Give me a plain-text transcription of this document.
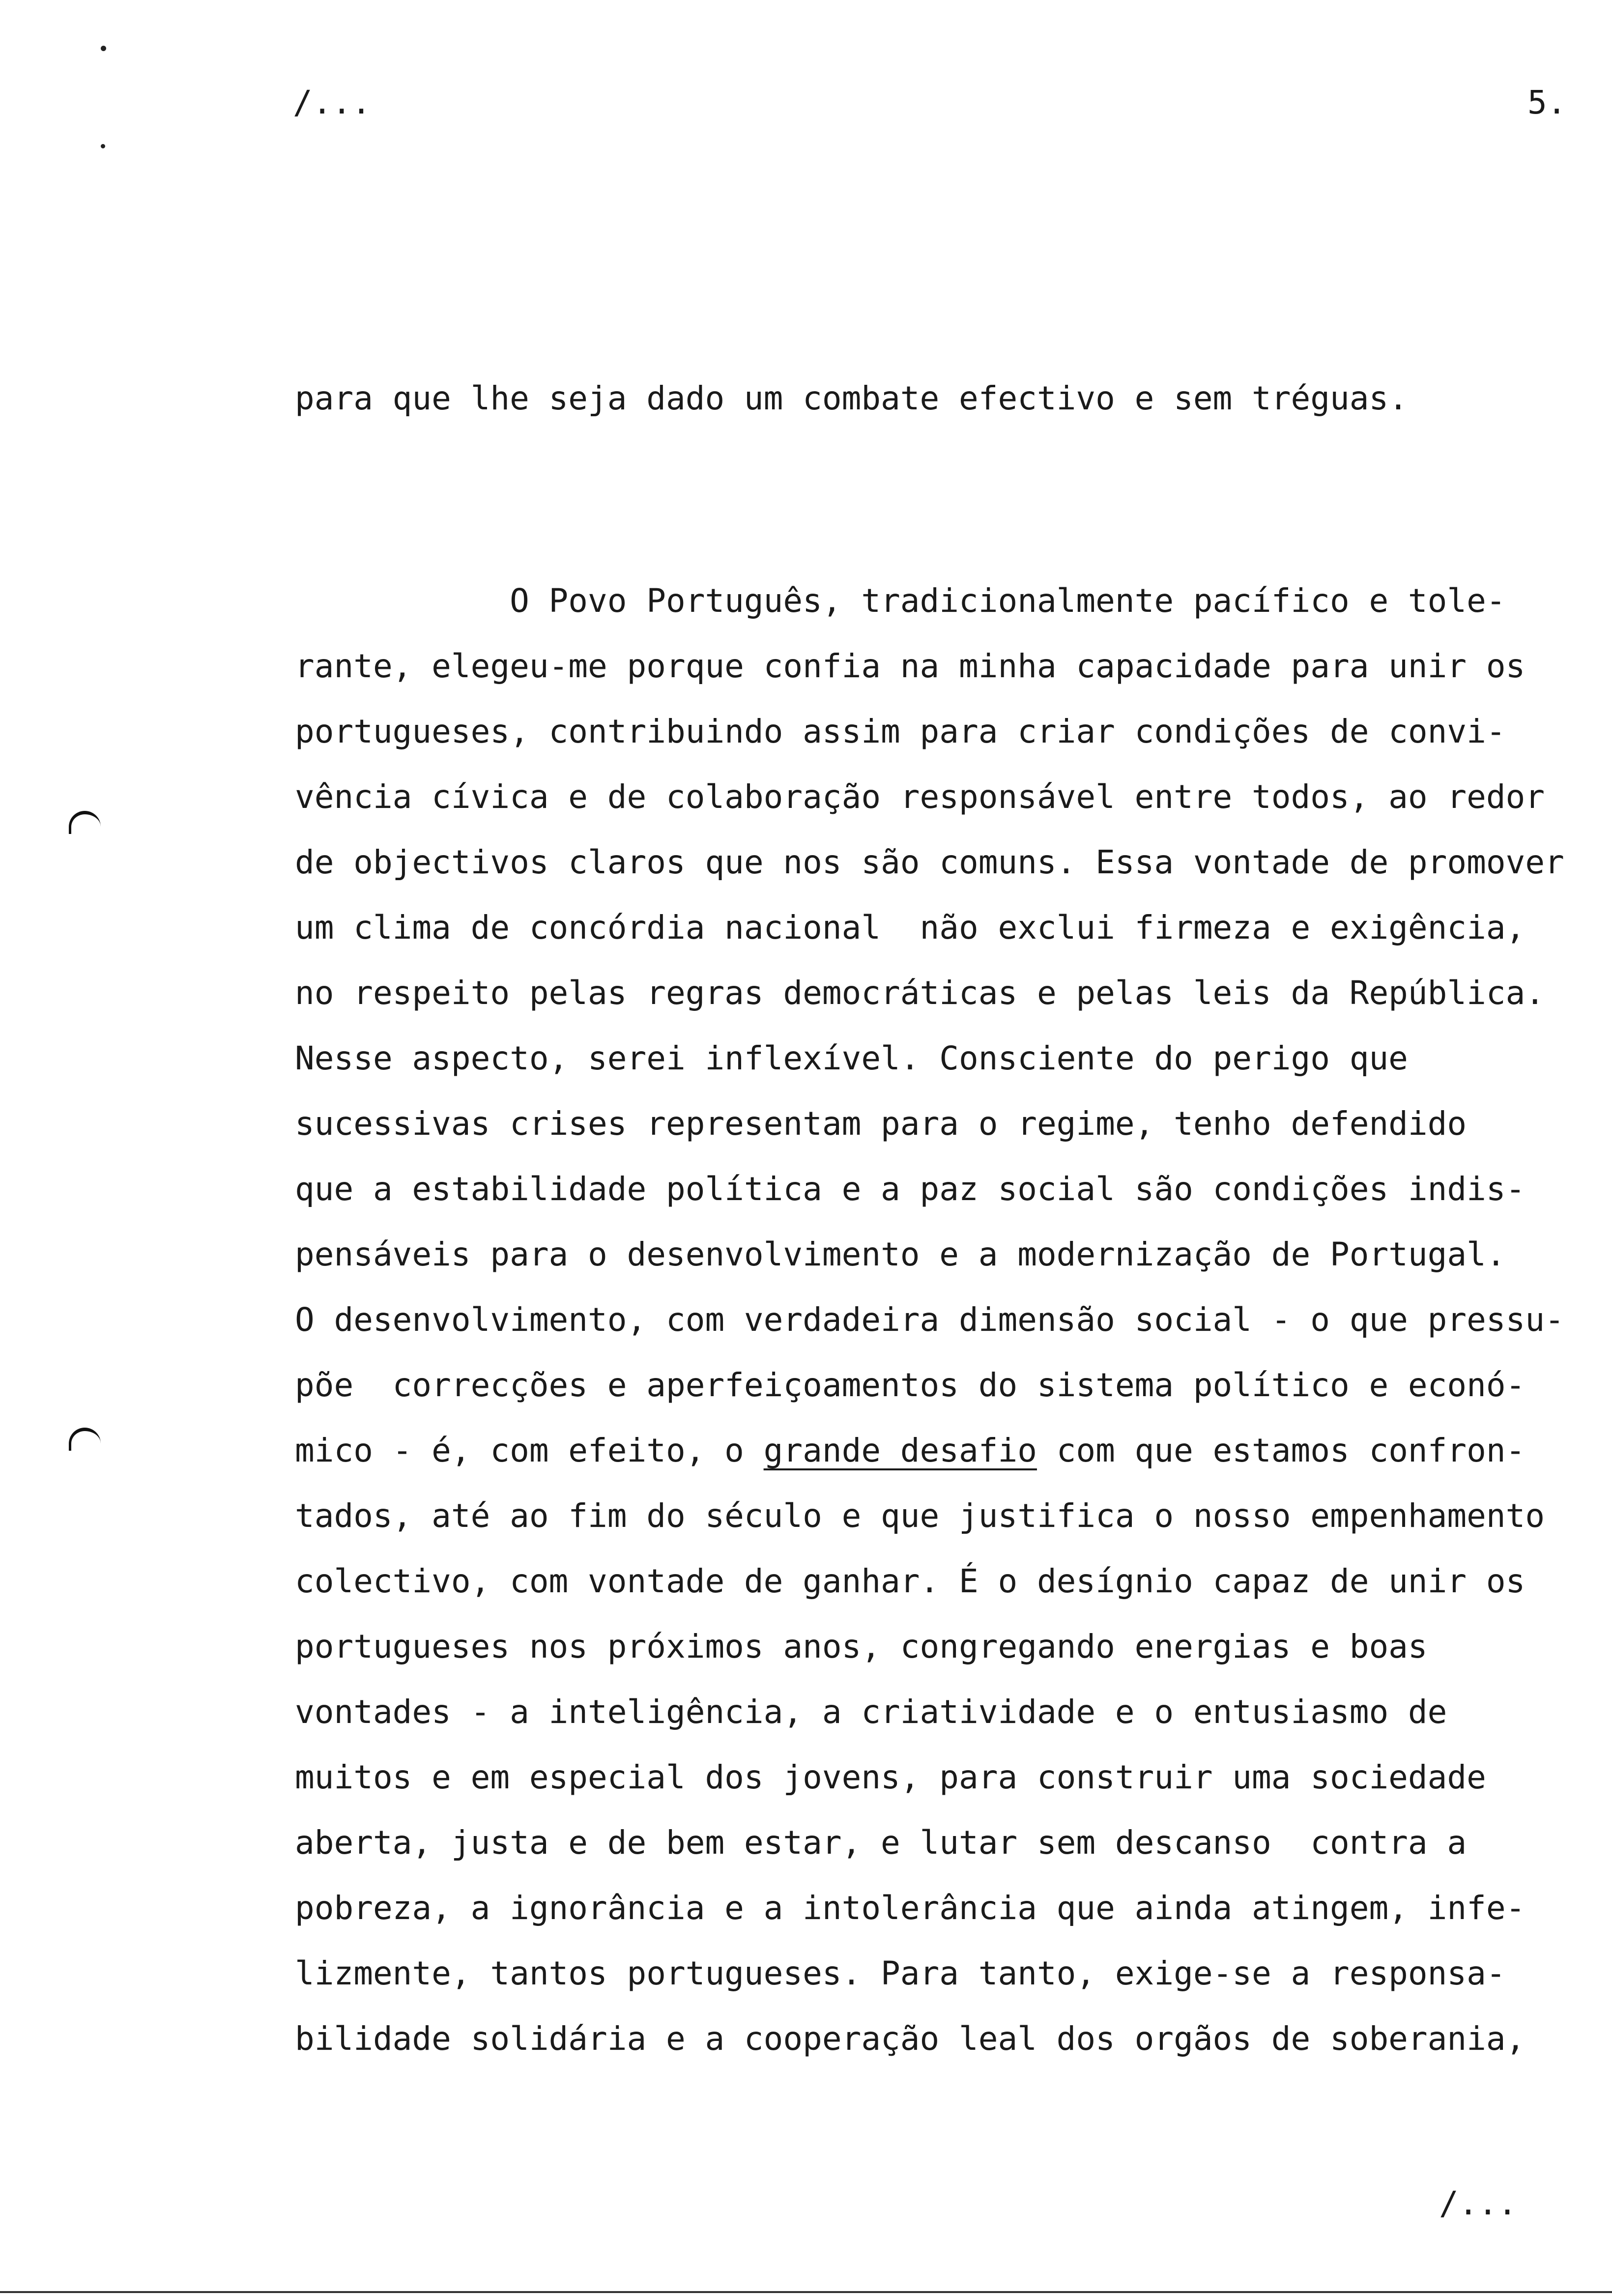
/...	5.
para que lhe seja dado um combate efectivo e sem tréguas.
O Povo Português, tradicionalmente pacífico e tole-
rante, elegeu-me porque confia na minha capacidade para unir os
portugueses, contribuindo assim para criar condições de convi-
vência cívica e de colaboração responsável entre todos, ao redor
de objectivos claros que nos são comuns. Essa vontade de promover
um clima de concórdia nacional  não exclui firmeza e exigência,
no respeito pelas regras democráticas e pelas leis da República.
Nesse aspecto, serei inflexível. Consciente do perigo que
sucessivas crises representam para o regime, tenho defendido
que a estabilidade política e a paz social são condições indis-
pensáveis para o desenvolvimento e a modernização de Portugal.
O desenvolvimento, com verdadeira dimensão social - o que pressu-
põe  correcções e aperfeiçoamentos do sistema político e econó-
mico - é, com efeito, o grande desafio com que estamos confron-
tados, até ao fim do século e que justifica o nosso empenhamento
colectivo, com vontade de ganhar. É o desígnio capaz de unir os
portugueses nos próximos anos, congregando energias e boas
vontades - a inteligência, a criatividade e o entusiasmo de
muitos e em especial dos jovens, para construir uma sociedade
aberta, justa e de bem estar, e lutar sem descanso  contra a
pobreza, a ignorância e a intolerância que ainda atingem, infe-
lizmente, tantos portugueses. Para tanto, exige-se a responsa-
bilidade solidária e a cooperação leal dos orgãos de soberania,
/...
